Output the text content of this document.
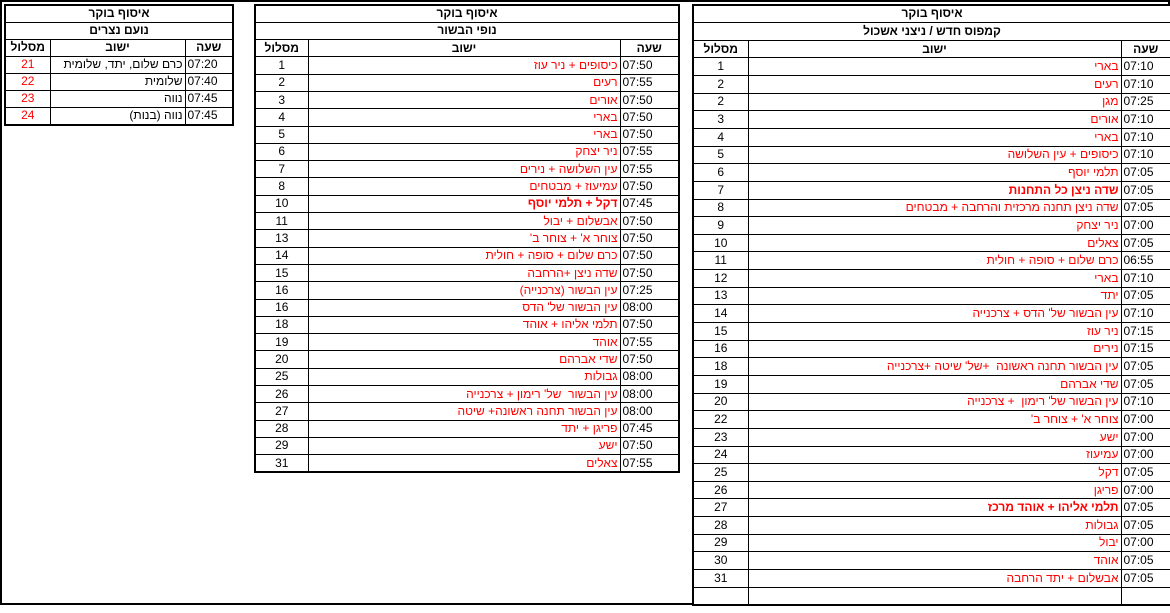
איסוף בוקר		
נועם נצרים		
מסלול	ישוב	שעה
21	כרם שלום, יתד, שלומית	07:20
22	שלומית	07:40
23	נווה	07:45
24	נווה (בנות)	07:45
איסוף בוקר		
נופי הבשור		
מסלול	ישוב	שעה
1	כיסופים + ניר עוז	07:50
2	רעים	07:55
3	אורים	07:50
4	בארי	07:50
5	בארי	07:50
6	ניר יצחק	07:55
7	עין השלושה + נירים	07:55
8	עמיעוז + מבטחים	07:50
10	דקל + תלמי יוסף	07:45
11	אבשלום + יבול	07:50
13	צוחר א' + צוחר ב'	07:50
14	כרם שלום + סופה + חולית	07:50
15	שדה ניצן +הרחבה	07:50
16	עין הבשור (צרכנייה)	07:25
16	עין הבשור של' הדס	08:00
18	תלמי אליהו + אוהד	07:50
19	אוהד	07:55
20	שדי אברהם	07:50
25	גבולות	08:00
26	עין הבשור  של' רימון + צרכנייה	08:00
27	עין הבשור תחנה ראשונה+ שיטה	08:00
28	פריגן + יתד	07:45
29	ישע	07:50
31	צאלים	07:55
איסוף בוקר		
קמפוס חדש / ניצני אשכול		
מסלול	ישוב	שעה
1	בארי	07:10
2	רעים	07:10
2	מגן	07:25
3	אורים	07:10
4	בארי	07:10
5	כיסופים + עין השלושה	07:10
6	תלמי יוסף	07:05
7	שדה ניצן כל התחנות	07:05
8	שדה ניצן תחנה מרכזית והרחבה + מבטחים	07:05
9	ניר יצחק	07:00
10	צאלים	07:05
11	כרם שלום + סופה + חולית	06:55
12	בארי	07:10
13	יתד	07:05
14	עין הבשור של' הדס + צרכנייה	07:10
15	ניר עוז	07:15
16	נירים	07:15
18	עין הבשור תחנה ראשונה  +של' שיטה +צרכנייה	07:05
19	שדי אברהם	07:05
20	עין הבשור של' רימון  + צרכנייה	07:10
22	צוחר א' + צוחר ב'	07:00
23	ישע	07:00
24	עמיעוז	07:00
25	דקל	07:05
26	פריגן	07:00
27	תלמי אליהו + אוהד מרכז	07:05
28	גבולות	07:05
29	יבול	07:00
30	אוהד	07:05
31	אבשלום + יתד הרחבה	07:05
